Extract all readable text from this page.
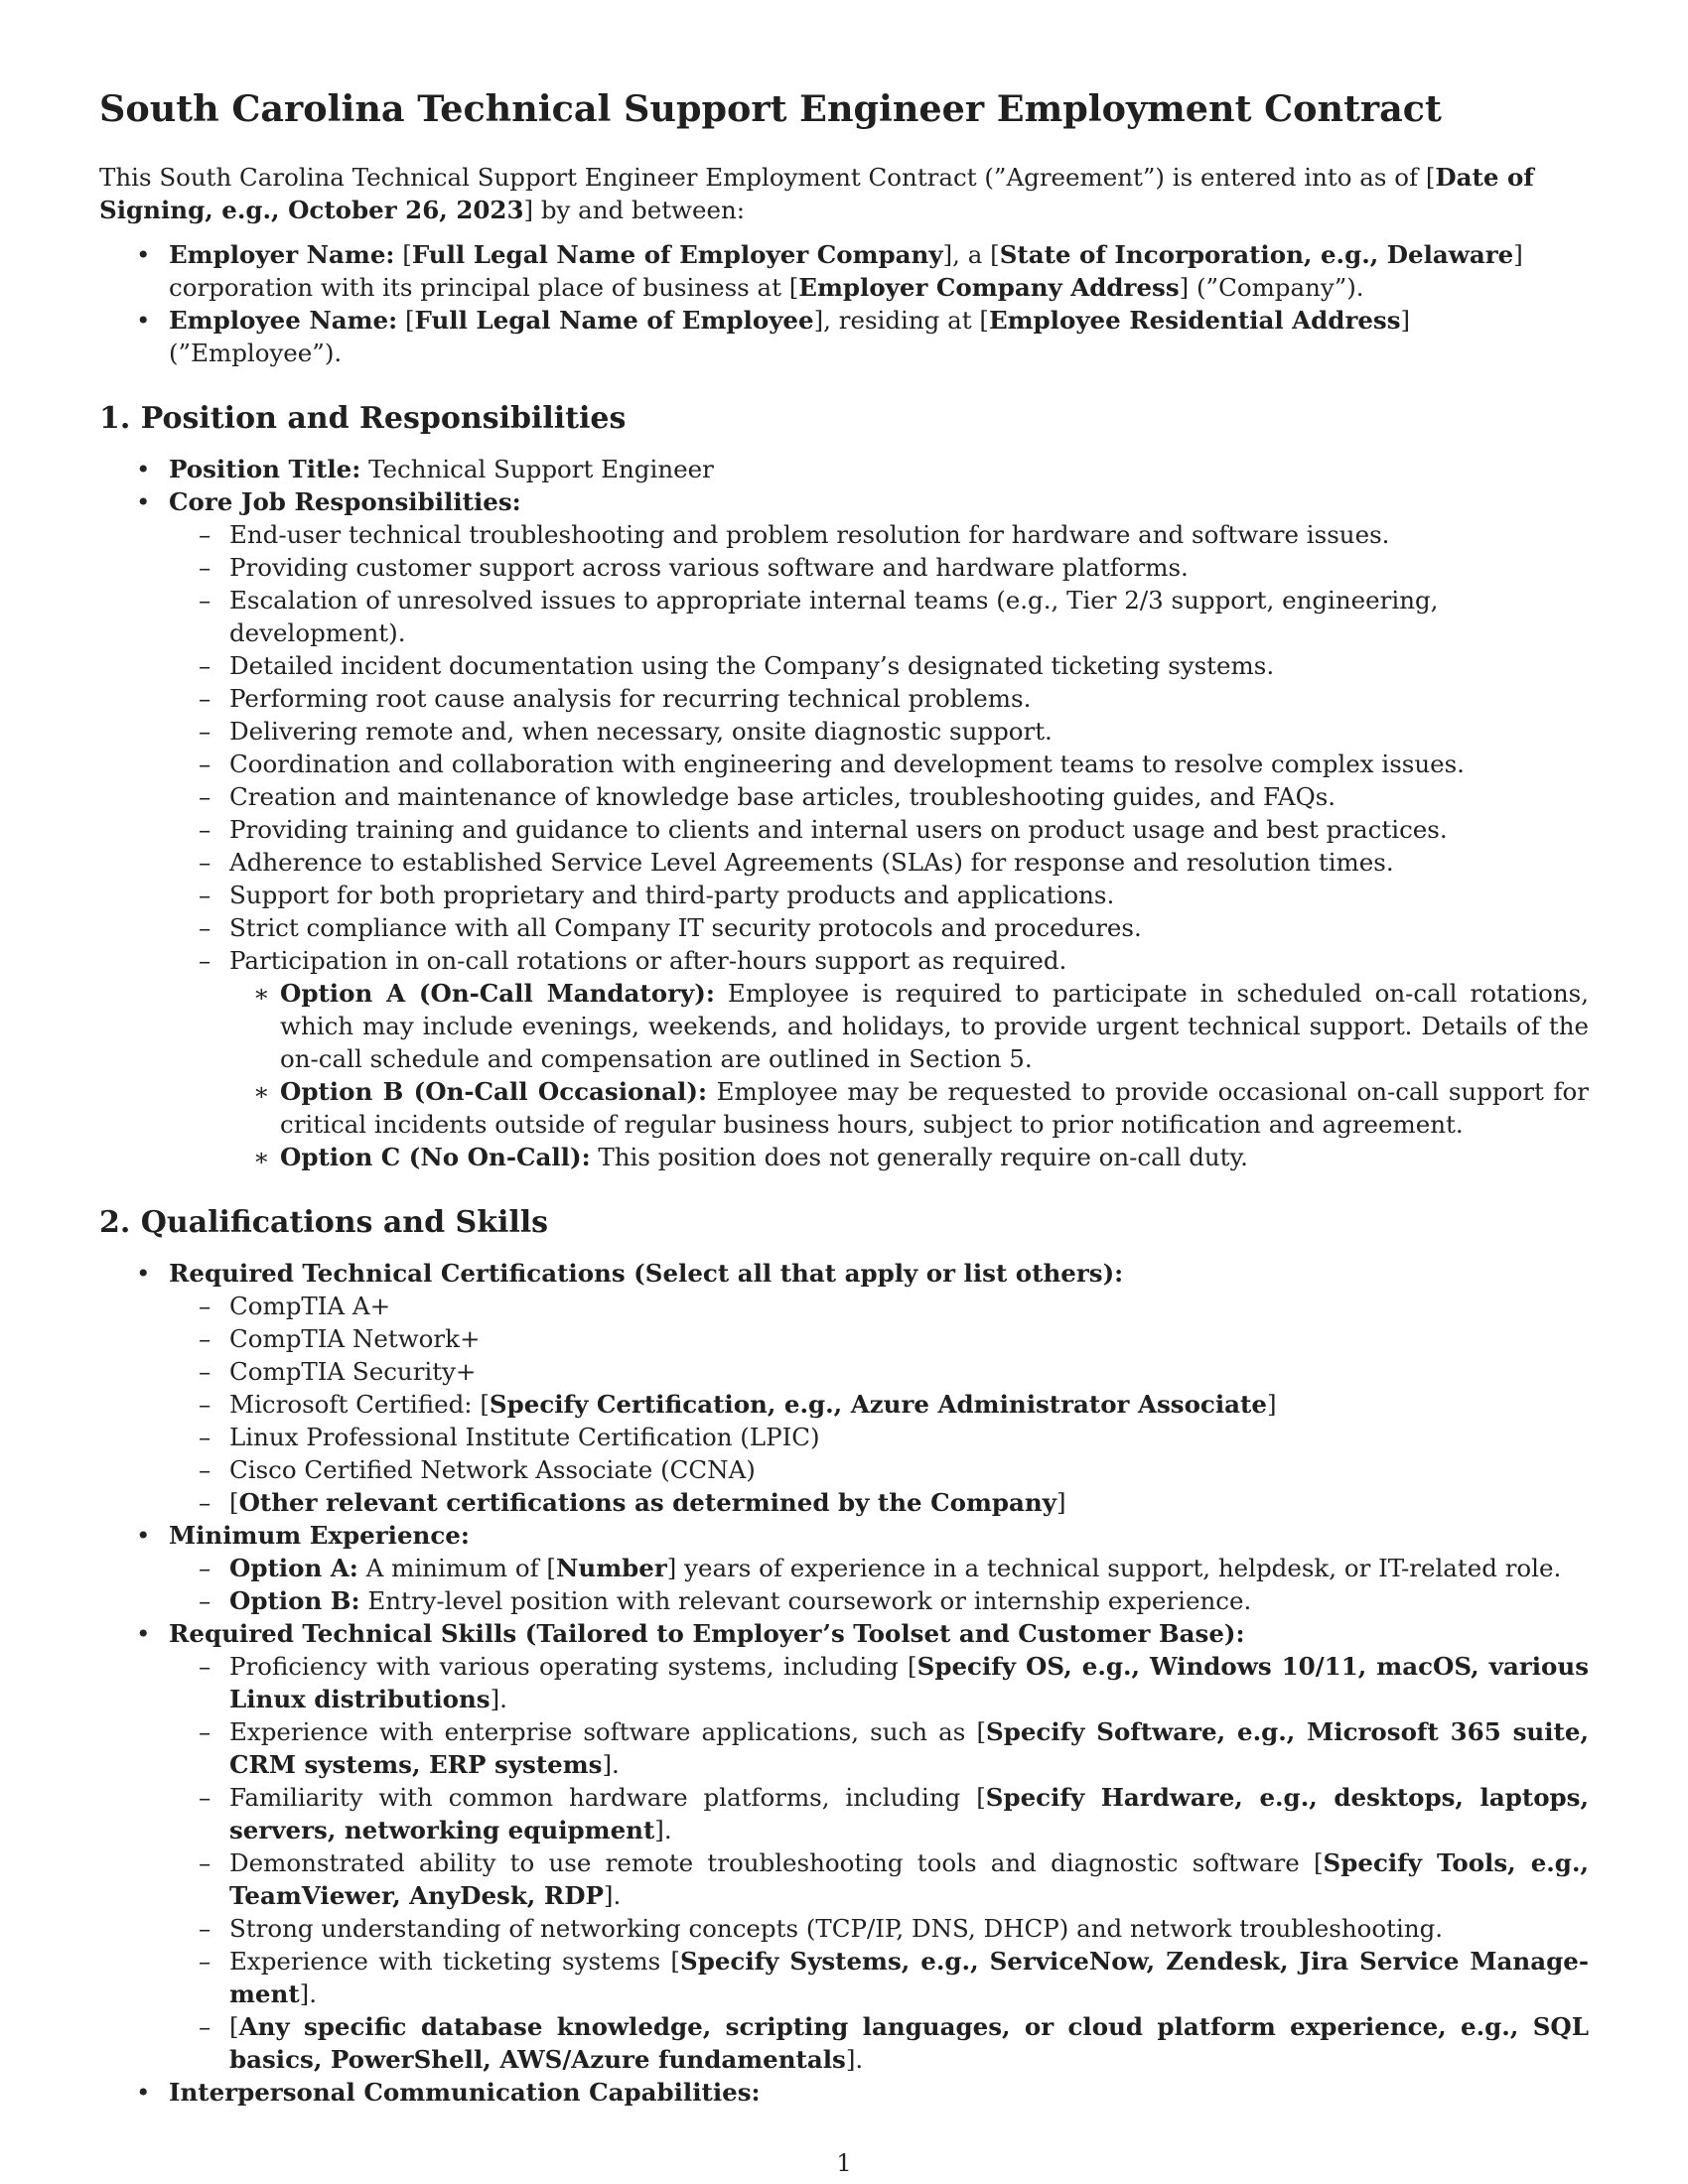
South Carolina Technical Support Engineer Employment Contract

This South Carolina Technical Support Engineer Employment Contract (”Agreement”) is entered into as of [Date of Signing, e.g., October 26, 2023] by and between:

• Employer Name: [Full Legal Name of Employer Company], a [State of Incorporation, e.g., Delaware] corporation with its principal place of business at [Employer Company Address] (”Company”).
• Employee Name: [Full Legal Name of Employee], residing at [Employee Residential Address] (”Employee”).
1. Position and Responsibilities
• Position Title: Technical Support Engineer
• Core Job Responsibilities:
– End-user technical troubleshooting and problem resolution for hardware and software issues.
– Providing customer support across various software and hardware platforms.
– Escalation of unresolved issues to appropriate internal teams (e.g., Tier 2/3 support, engineering, development).
– Detailed incident documentation using the Company’s designated ticketing systems.
– Performing root cause analysis for recurring technical problems.
– Delivering remote and, when necessary, onsite diagnostic support.
– Coordination and collaboration with engineering and development teams to resolve complex issues.
– Creation and maintenance of knowledge base articles, troubleshooting guides, and FAQs.
– Providing training and guidance to clients and internal users on product usage and best practices.
– Adherence to established Service Level Agreements (SLAs) for response and resolution times.
– Support for both proprietary and third-party products and applications.
– Strict compliance with all Company IT security protocols and procedures.
– Participation in on-call rotations or after-hours support as required.
∗ Option A (On-Call Mandatory): Employee is required to participate in scheduled on-call rotations, which may include evenings, weekends, and holidays, to provide urgent technical support. Details of the on-call schedule and compensation are outlined in Section 5.
∗ Option B (On-Call Occasional): Employee may be requested to provide occasional on-call support for critical incidents outside of regular business hours, subject to prior notification and agreement.
∗ Option C (No On-Call): This position does not generally require on-call duty.
2. Qualifications and Skills
• Required Technical Certifications (Select all that apply or list others):
– CompTIA A+
– CompTIA Network+
– CompTIA Security+
– Microsoft Certified: [Specify Certification, e.g., Azure Administrator Associate]
– Linux Professional Institute Certification (LPIC)
– Cisco Certified Network Associate (CCNA)
– [Other relevant certifications as determined by the Company]
• Minimum Experience:
– Option A: A minimum of [Number] years of experience in a technical support, helpdesk, or IT-related role.
– Option B: Entry-level position with relevant coursework or internship experience.
• Required Technical Skills (Tailored to Employer’s Toolset and Customer Base):
– Proficiency with various operating systems, including [Specify OS, e.g., Windows 10/11, macOS, various Linux distributions].
– Experience with enterprise software applications, such as [Specify Software, e.g., Microsoft 365 suite, CRM systems, ERP systems].
– Familiarity with common hardware platforms, including [Specify Hardware, e.g., desktops, laptops, servers, networking equipment].
– Demonstrated ability to use remote troubleshooting tools and diagnostic software [Specify Tools, e.g., TeamViewer, AnyDesk, RDP].
– Strong understanding of networking concepts (TCP/IP, DNS, DHCP) and network troubleshooting.
– Experience with ticketing systems [Specify Systems, e.g., ServiceNow, Zendesk, Jira Service Manage-ment].
– [Any specific database knowledge, scripting languages, or cloud platform experience, e.g., SQL basics, PowerShell, AWS/Azure fundamentals].
• Interpersonal Communication Capabilities:
1
